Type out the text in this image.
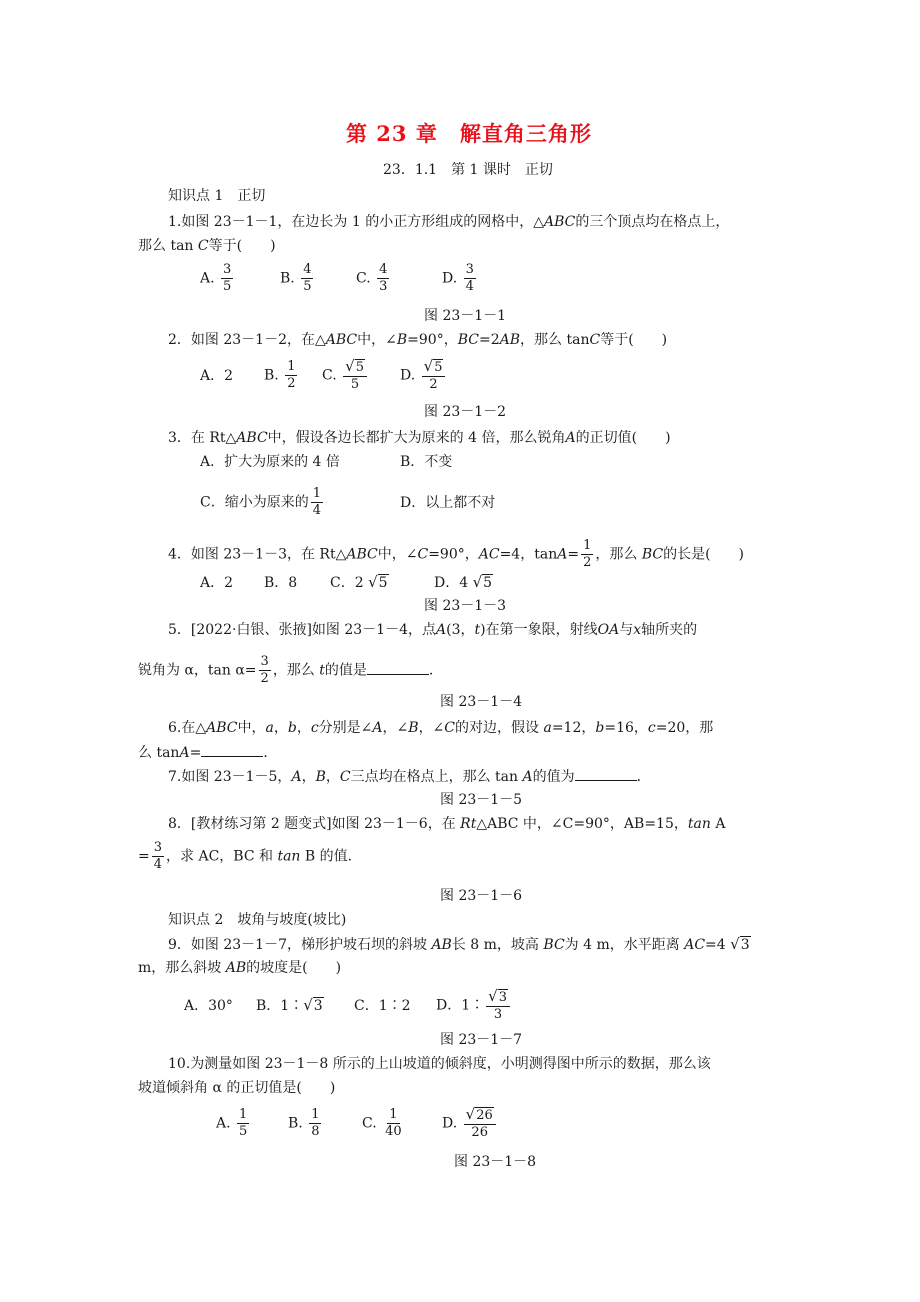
第 23 章　解直角三角形
23．1.1　第 1 课时　正切
知识点 1　正切
1.如图 23－1－1，在边长为 1 的小正方形组成的网格中，△ABC的三个顶点均在格点上，
那么 tan C等于(　　)
A. $\frac{3}{5}$	B. $\frac{4}{5}$	C. $\frac{4}{3}$	D. $\frac{3}{4}$
图 23－1－1
2．如图 23－1－2，在△ABC中，∠B=90°，BC=2AB，那么 tanC等于(　　)
A．2 B. $\frac{1}{2} C$. $\frac{√5}{5} D$. $\frac{√5}{2}$
图 23－1－2
3．在 Rt△ABC中，假设各边长都扩大为原来的 4 倍，那么锐角A的正切值(　　)
A．扩大为原来的 4 倍	B．不变
C．缩小为原来的 $\frac{1}{4}$	D．以上都不对
4．如图 23－1－3，在 Rt△ABC中，∠C=90°，AC=4，$\tan A= \frac{1}{2}$ ，那么 BC的长是(　　)
A．2 B．8 C．2 √5	D．4 √5
图 23－1－3
5．[2022·白银、张掖]如图 23－1－4，点A(3，t)在第一象限，射线OA与x轴所夹的
锐角为 α，$\tan \alpha= \frac{3}{2}$ ，那么 t的值是	．
图 23－1－4
6.在△ABC中，a，b，c分别是∠A，∠B，∠C的对边，假设 a=12，b=16，c=20，那
么 tanA=	．
7.如图 23－1－5，A，B，C三点均在格点上，那么 tan A的值为	．
图 23－1－5
8．[教材练习第 2 题变式]如图 23－1－6，在 Rt△ABC 中，∠C=90°，AB=15，tan A
= $\frac{3}{4}$ ，求 AC，BC 和 tan B 的值.
图 23－1－6
知识点 2　坡角与坡度(坡比)
9．如图 23－1－7，梯形护坡石坝的斜坡 AB长 8 m，坡高 BC为 4 m，水平距离 AC=4 √3
m，那么斜坡 AB的坡度是(　　)
A．30° B．1∶√3 C．1∶2 D．1∶ $\frac{√3}{3}$
图 23－1－7
10.为测量如图 23－1－8 所示的上山坡道的倾斜度，小明测得图中所示的数据，那么该
坡道倾斜角 α 的正切值是(　　)
A. $\frac{1}{5}$	B. $\frac{1}{8}$	C. $\frac{1}{40}$	D. $\frac{√26}{26}$
图 23－1－8
